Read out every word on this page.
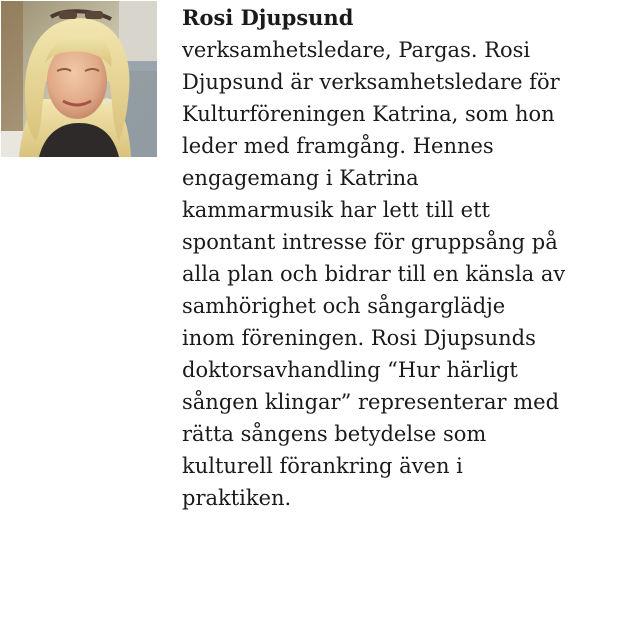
Rosi Djupsund
verksamhetsledare, Pargas. Rosi
Djupsund är verksamhetsledare för
Kulturföreningen Katrina, som hon
leder med framgång. Hennes
engagemang i Katrina
kammarmusik har lett till ett
spontant intresse för gruppsång på
alla plan och bidrar till en känsla av
samhörighet och sångarglädje
inom föreningen. Rosi Djupsunds
doktorsavhandling “Hur härligt
sången klingar” representerar med
rätta sångens betydelse som
kulturell förankring även i
praktiken.
